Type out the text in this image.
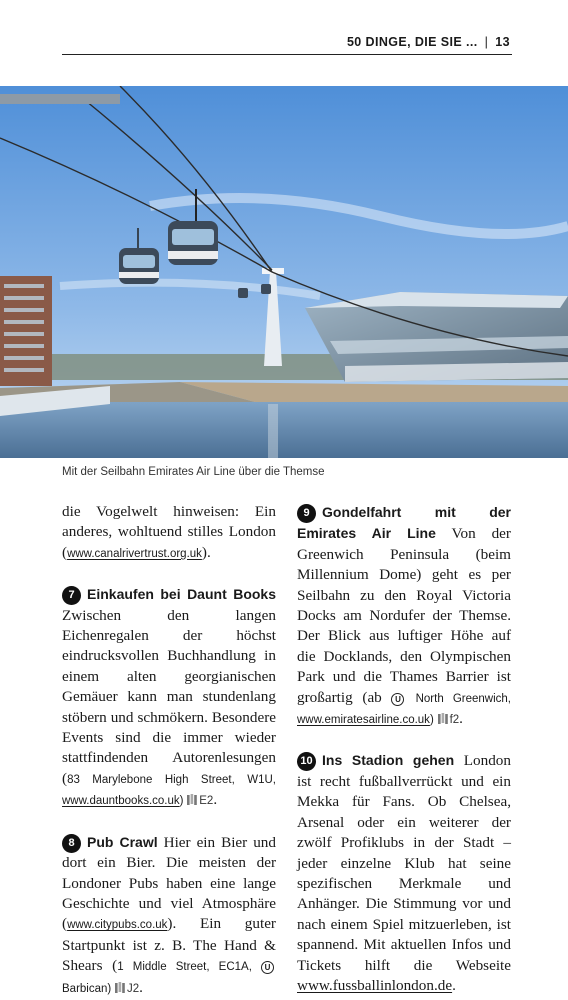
50 DINGE, DIE SIE ... | 13
Mit der Seilbahn Emirates Air Line über die Themse

die Vogelwelt hinweisen: Ein anderes, wohltuend stilles London (www.canalrivertrust.org.uk).

7 Einkaufen bei Daunt Books Zwischen den langen Eichenregalen der höchst eindrucksvollen Buchhandlung in einem alten georgianischen Gemäuer kann man stundenlang stöbern und schmökern. Besondere Events sind die immer wieder stattfindenden Autorenlesungen (83 Marylebone High Street, W1U, www.dauntbooks.co.uk) E2.

8 Pub Crawl Hier ein Bier und dort ein Bier. Die meisten der Londoner Pubs haben eine lange Geschichte und viel Atmosphäre (www.citypubs.co.uk). Ein guter Startpunkt ist z. B. The Hand & Shears (1 Middle Street, EC1A, U Barbican) J2.

9 Gondelfahrt mit der Emirates Air Line Von der Greenwich Peninsula (beim Millennium Dome) geht es per Seilbahn zu den Royal Victoria Docks am Nordufer der Themse. Der Blick aus luftiger Höhe auf die Docklands, den Olympischen Park und die Thames Barrier ist großartig (ab U North Greenwich, www.emiratesairline.co.uk) f2.

10 Ins Stadion gehen London ist recht fußballverrückt und ein Mekka für Fans. Ob Chelsea, Arsenal oder ein weiterer der zwölf Profiklubs in der Stadt – jeder einzelne Klub hat seine spezifischen Merkmale und Anhänger. Die Stimmung vor und nach einem Spiel mitzuerleben, ist spannend. Mit aktuellen Infos und Tickets hilft die Webseite www.fussballinlondon.de.
